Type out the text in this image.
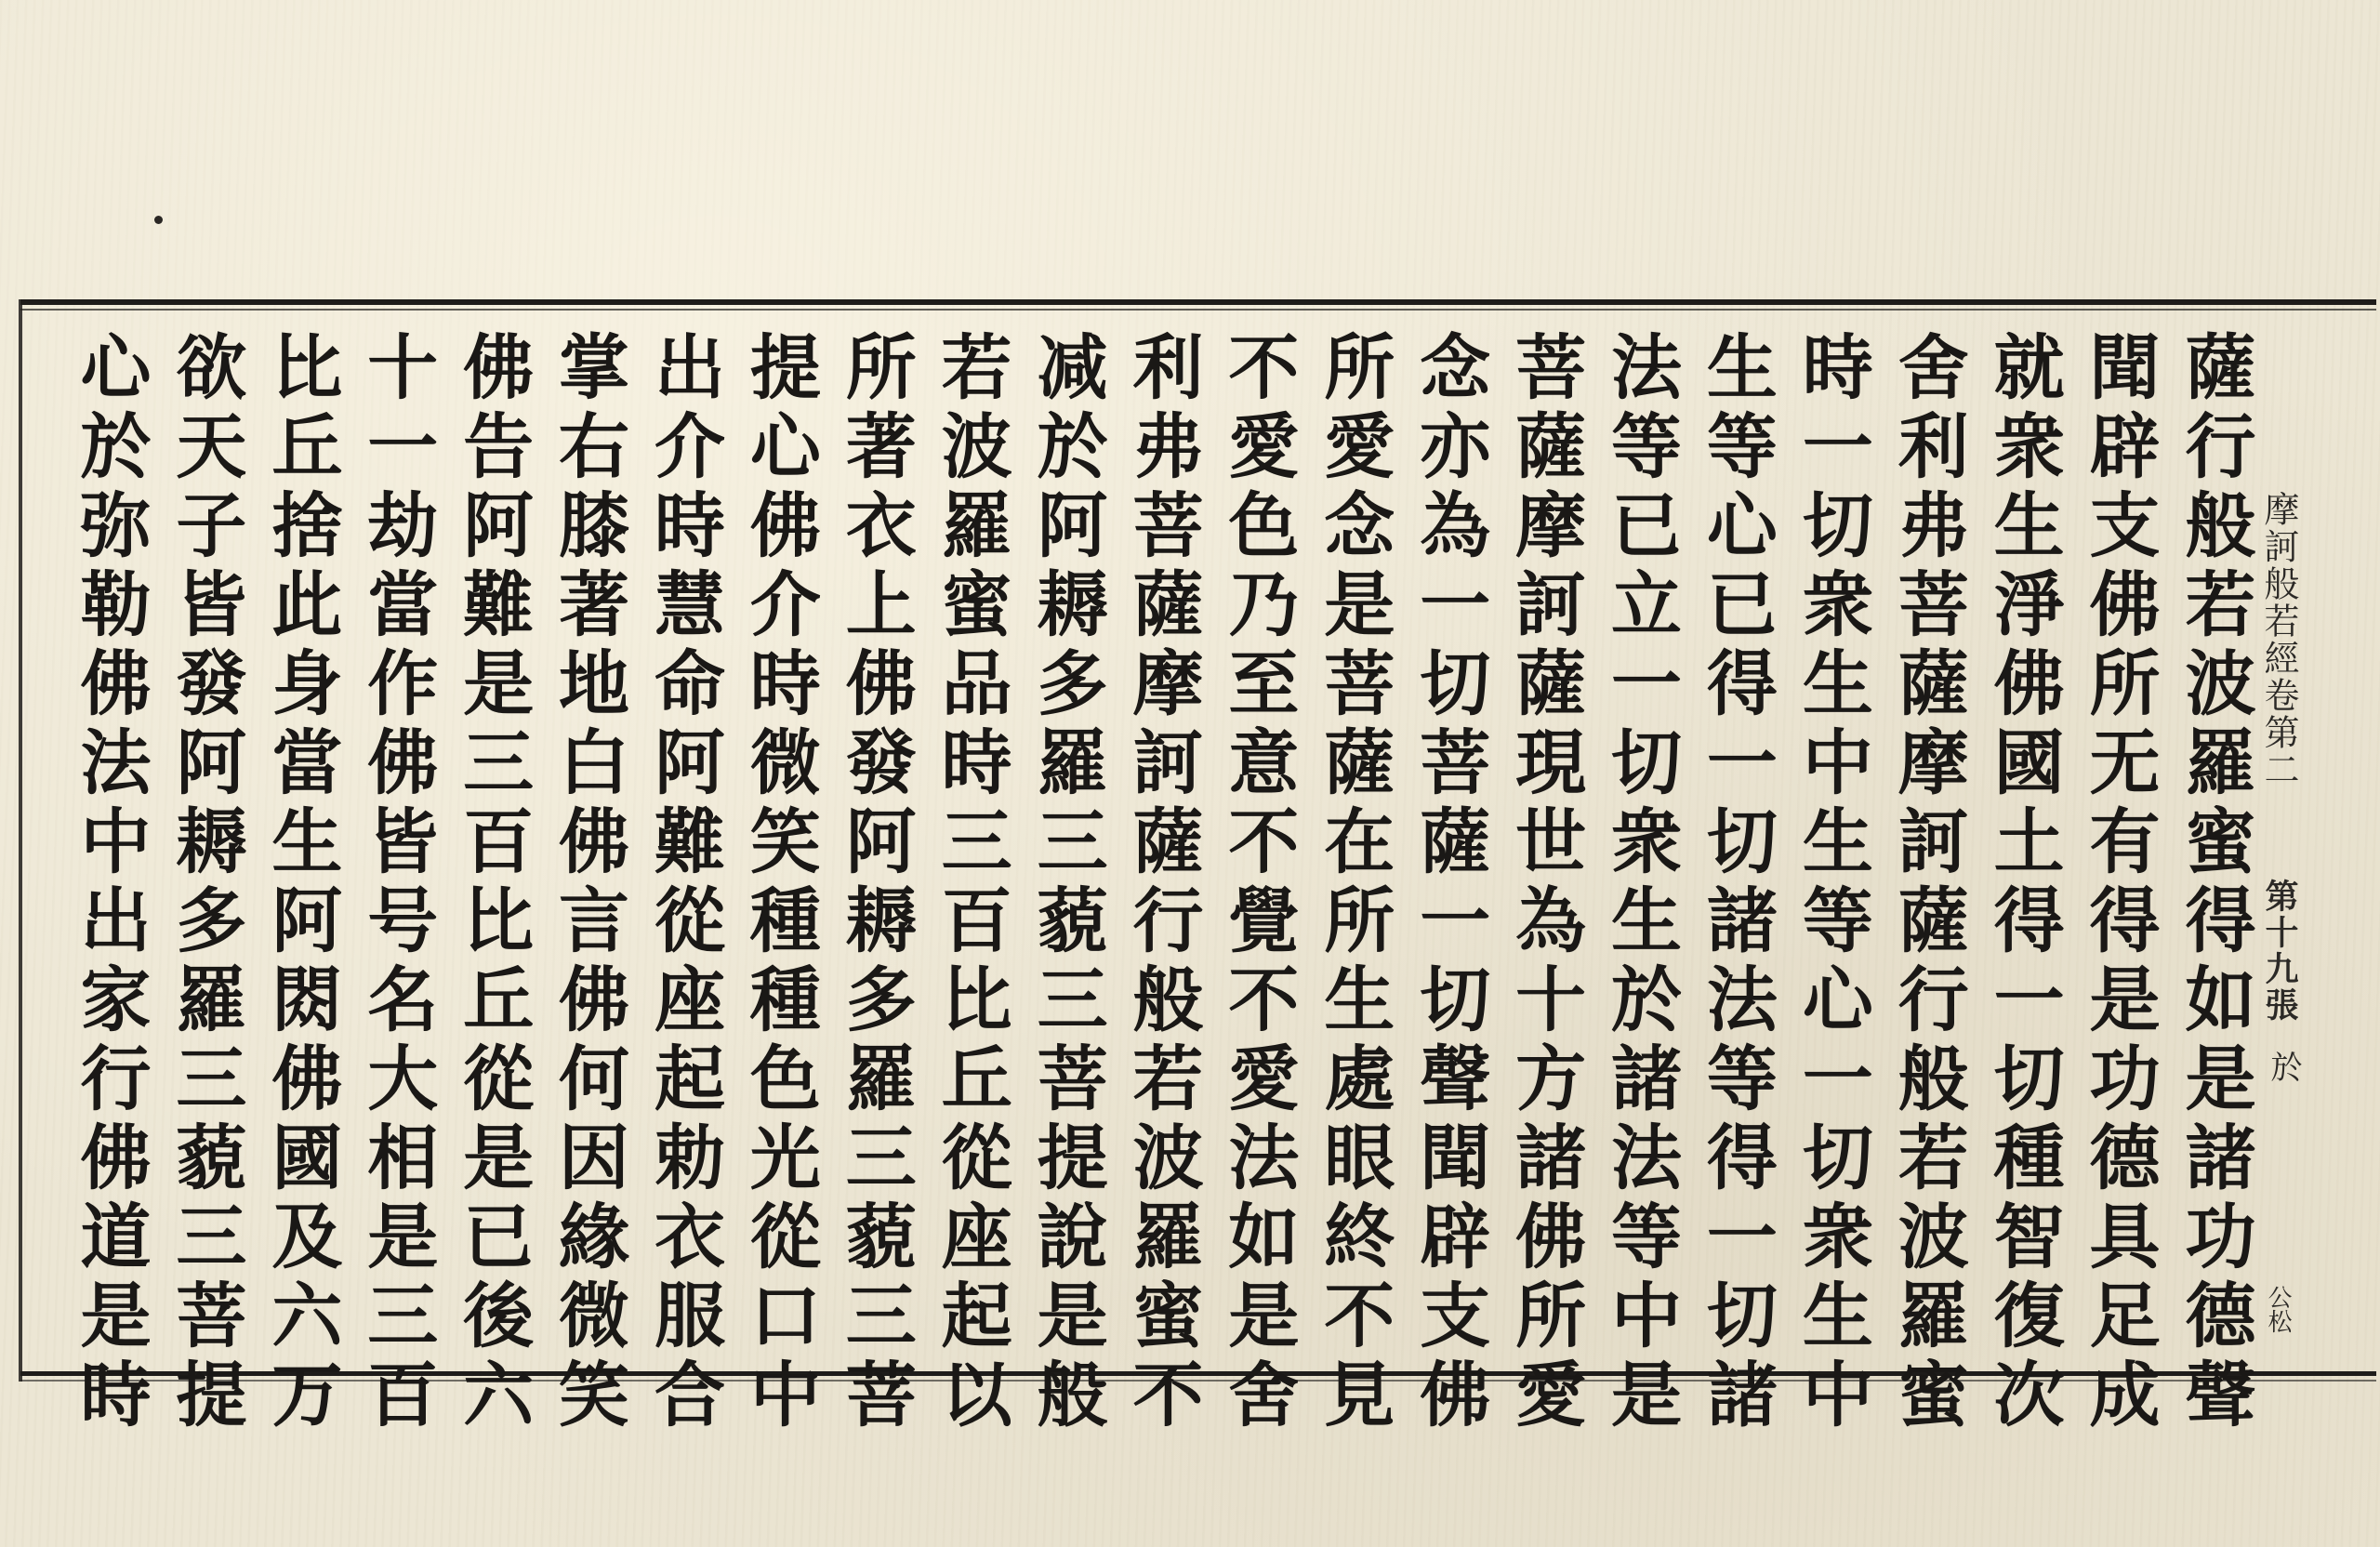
摩訶般若經卷第二
第十九張
於
公松
薩行般若波羅蜜得如是諸功德聲
聞辟支佛所无有得是功德具足成
就衆生淨佛國土得一切種智復次
舍利弗菩薩摩訶薩行般若波羅蜜
時一切衆生中生等心一切衆生中
生等心已得一切諸法等得一切諸
法等已立一切衆生於諸法等中是
菩薩摩訶薩現世為十方諸佛所愛
念亦為一切菩薩一切聲聞辟支佛
所愛念是菩薩在所生處眼終不見
不愛色乃至意不覺不愛法如是舍
利弗菩薩摩訶薩行般若波羅蜜不
减於阿耨多羅三藐三菩提說是般
若波羅蜜品時三百比丘從座起以
所著衣上佛發阿耨多羅三藐三菩
提心佛介時微笑種種色光從口中
出介時慧命阿難從座起勅衣服合
掌右膝著地白佛言佛何因緣微笑
佛告阿難是三百比丘從是已後六
十一劫當作佛皆号名大相是三百
比丘捨此身當生阿閦佛國及六万
欲天子皆發阿耨多羅三藐三菩提
心於弥勒佛法中出家行佛道是時
